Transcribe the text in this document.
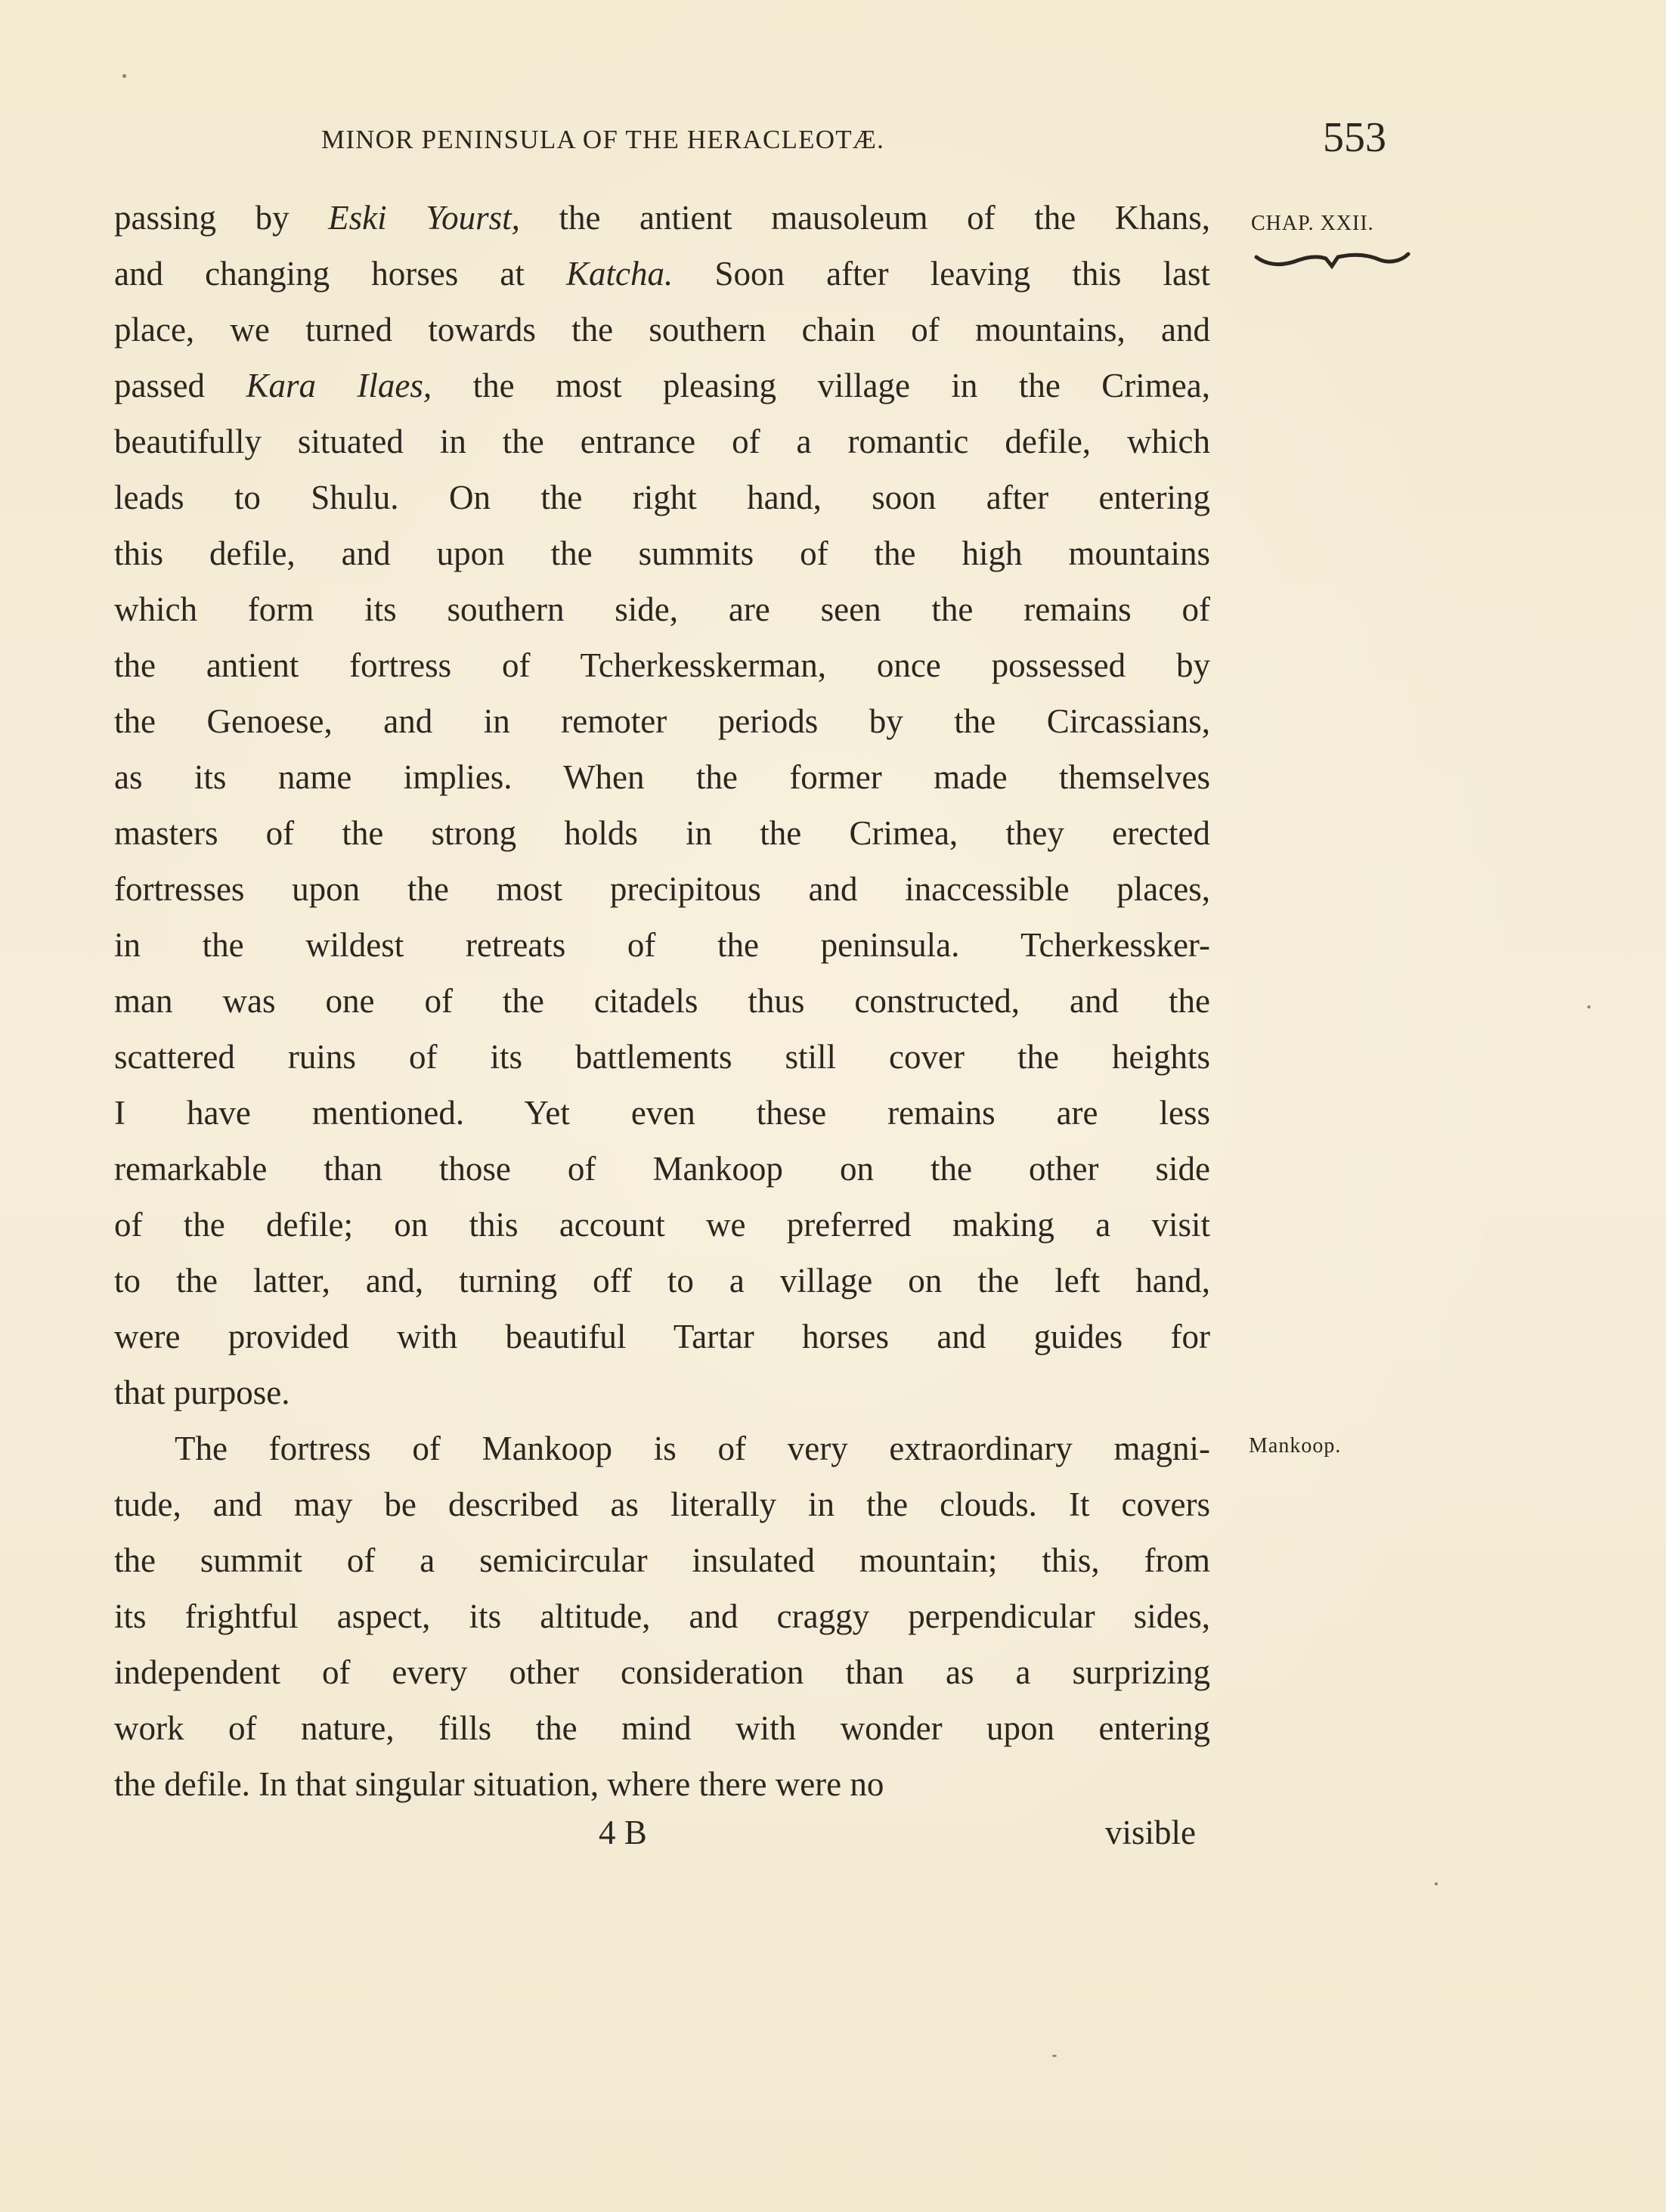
MINOR PENINSULA OF THE HERACLEOTÆ.	553
CHAP. XXII.
Mankoop.
passing by Eski Yourst, the antient mausoleum of the Khans,
and changing horses at Katcha. Soon after leaving this last
place, we turned towards the southern chain of mountains, and
passed Kara Ilaes, the most pleasing village in the Crimea,
beautifully situated in the entrance of a romantic defile, which
leads to Shulu. On the right hand, soon after entering
this defile, and upon the summits of the high mountains
which form its southern side, are seen the remains of
the antient fortress of Tcherkesskerman, once possessed by
the Genoese, and in remoter periods by the Circassians,
as its name implies. When the former made themselves
masters of the strong holds in the Crimea, they erected
fortresses upon the most precipitous and inaccessible places,
in the wildest retreats of the peninsula. Tcherkessker-
man was one of the citadels thus constructed, and the
scattered ruins of its battlements still cover the heights
I have mentioned. Yet even these remains are less
remarkable than those of Mankoop on the other side
of the defile; on this account we preferred making a visit
to the latter, and, turning off to a village on the left hand,
were provided with beautiful Tartar horses and guides for
that purpose.
The fortress of Mankoop is of very extraordinary magni-
tude, and may be described as literally in the clouds. It covers
the summit of a semicircular insulated mountain; this, from
its frightful aspect, its altitude, and craggy perpendicular sides,
independent of every other consideration than as a surprizing
work of nature, fills the mind with wonder upon entering
the defile. In that singular situation, where there were no
4 B	visible
